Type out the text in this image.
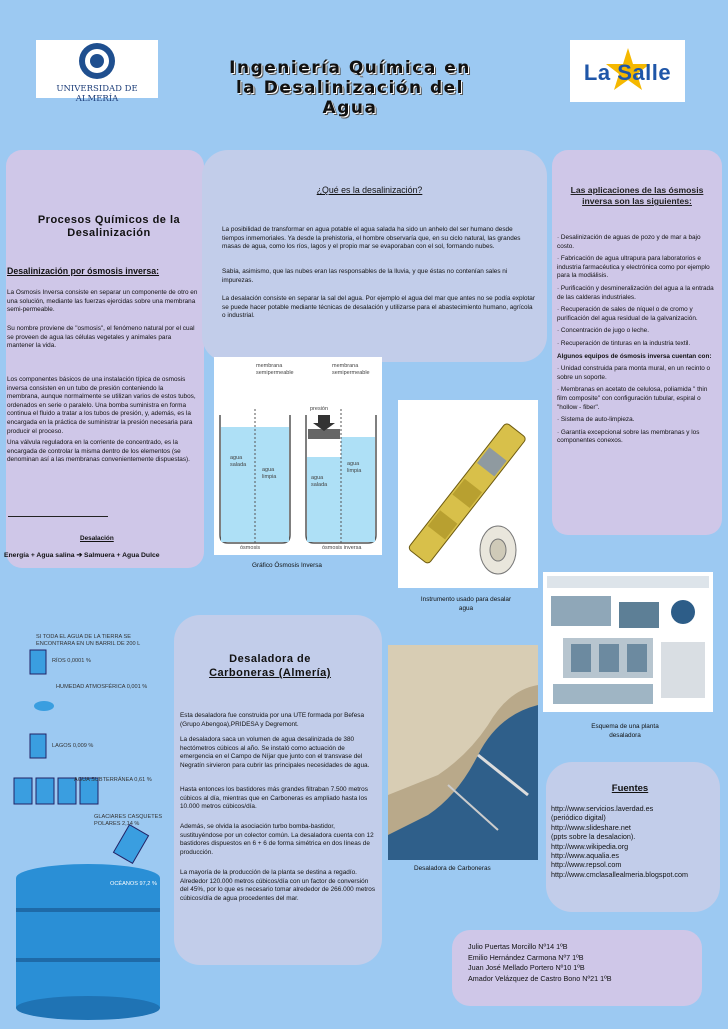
UNIVERSIDAD DE ALMERÍA
Ingeniería Química en
la Desalinización del
Agua
La Salle
Procesos Químicos de la Desalinización
Desalinización por ósmosis inversa:

La Osmosis Inversa consiste en separar un componente de otro en una solución, mediante las fuerzas ejercidas sobre una membrana semi-permeable.

Su nombre proviene de "osmosis", el fenómeno natural por el cual se proveen de agua las células vegetales y animales para mantener la vida.

Los componentes básicos de una instalación típica de osmosis inversa consisten en un tubo de presión conteniendo la membrana, aunque normalmente se utilizan varios de estos tubos, ordenados en serie o paralelo. Una bomba suministra en forma continua el fluido a tratar a los tubos de presión, y, además, es la encargada en la práctica de suministrar la presión necesaria para producir el proceso.

Una válvula reguladora en la corriente de concentrado, es la encargada de controlar la misma dentro de los elementos (se denominan así a las membranas convenientemente dispuestas).

Desalación
Energía + Agua salina ➔ Salmuera + Agua Dulce
¿Qué es la desalinización?

La posibilidad de transformar en agua potable el agua salada ha sido un anhelo del ser humano desde tiempos inmemoriales. Ya desde la prehistoria, el hombre observaría que, en su ciclo natural, las grandes masas de agua, como los ríos, lagos y el propio mar se evaporaban con el sol, formando nubes.

Sabía, asimismo, que las nubes eran las responsables de la lluvia, y que éstas no contenían sales ni impurezas.

La desalación consiste en separar la sal del agua. Por ejemplo el agua del mar que antes no se podía explotar se puede hacer potable mediante técnicas de desalación y utilizarse para el abastecimiento humano, agrícola o industrial.

membrana semipermeable
membrana semipermeable
presión
agua salada
agua limpia
agua limpia
agua salada
ósmosis	ósmosis inversa
Gráfico Ósmosis Inversa
Instrumento usado para desalar agua
Las aplicaciones de las ósmosis inversa son las siguientes:

· Desalinización de aguas de pozo y de mar a bajo costo.

· Fabricación de agua ultrapura para laboratorios e industria farmacéutica y electrónica como por ejemplo para la modiálisis.

· Purificación y desmineralización del agua a la entrada de las calderas industriales.

· Recuperación de sales de níquel o de cromo y purificación del agua residual de la galvanización.

· Concentración de jugo o leche.

· Recuperación de tinturas en la industria textil.

Algunos equipos de ósmosis inversa cuentan con:

· Unidad construida para monta mural, en un recinto o sobre un soporte.

· Membranas en acetato de celulosa, poliamida " thin film composite" con configuración tubular, espiral o "hollow - fiber".

· Sistema de auto-limpieza.

· Garantía excepcional sobre las membranas y los componentes conexos.

Esquema de una planta desaladora
SI TODA EL AGUA DE LA TIERRA SE ENCONTRARA EN UN BARRIL DE 200 L
RÍOS 0,0001 %
HUMEDAD ATMOSFÉRICA 0,001 %
LAGOS 0,009 %
AGUA SUBTERRÁNEA 0,61 %
GLACIARES CASQUETES POLARES 2,14 %
OCÉANOS 97,2 %
Desaladora de
Carboneras (Almería)

Esta desaladora fue construida por una UTE formada por Befesa (Grupo Abengoa),PRIDESA y Degremont.

La desaladora saca un volumen de agua desalinizada de 380 hectómetros cúbicos al año. Se instaló como actuación de emergencia en el Campo de Níjar que junto con el transvase del Negratín sirvieron para cubrir las principales necesidades de agua.

Hasta entonces los bastidores más grandes filtraban 7.500 metros cúbicos al día, mientras que en Carboneras es ampliado hasta los 10.000 metros cúbicos/día.

Además, se olvida la asociación turbo bomba-bastidor, sustituyéndose por un colector común. La desaladora cuenta con 12 bastidores dispuestos en 6 + 6 de forma simétrica en dos líneas de producción.

La mayoría de la producción de la planta se destina a regadío. Alrededor 120.000 metros cúbicos/día con un factor de conversión del 45%, por lo que es necesario tomar alrededor de 266.000 metros cúbicos/día de agua procedentes del mar.

Desaladora de Carboneras
Fuentes

http://www.servicios.laverdad.es

(periódico digital)

http://www.slideshare.net

(ppts sobre la desalacion).

http://www.wikipedia.org

http://www.aqualia.es

http://www.repsol.com

http://www.cmclasallealmeria.blogspot.com

Julio Puertas Morcillo Nº14 1ºB

Emilio Hernández Carmona Nº7 1ºB

Juan José Mellado Portero Nº10 1ºB

Amador Velázquez de Castro Bono Nº21 1ºB
